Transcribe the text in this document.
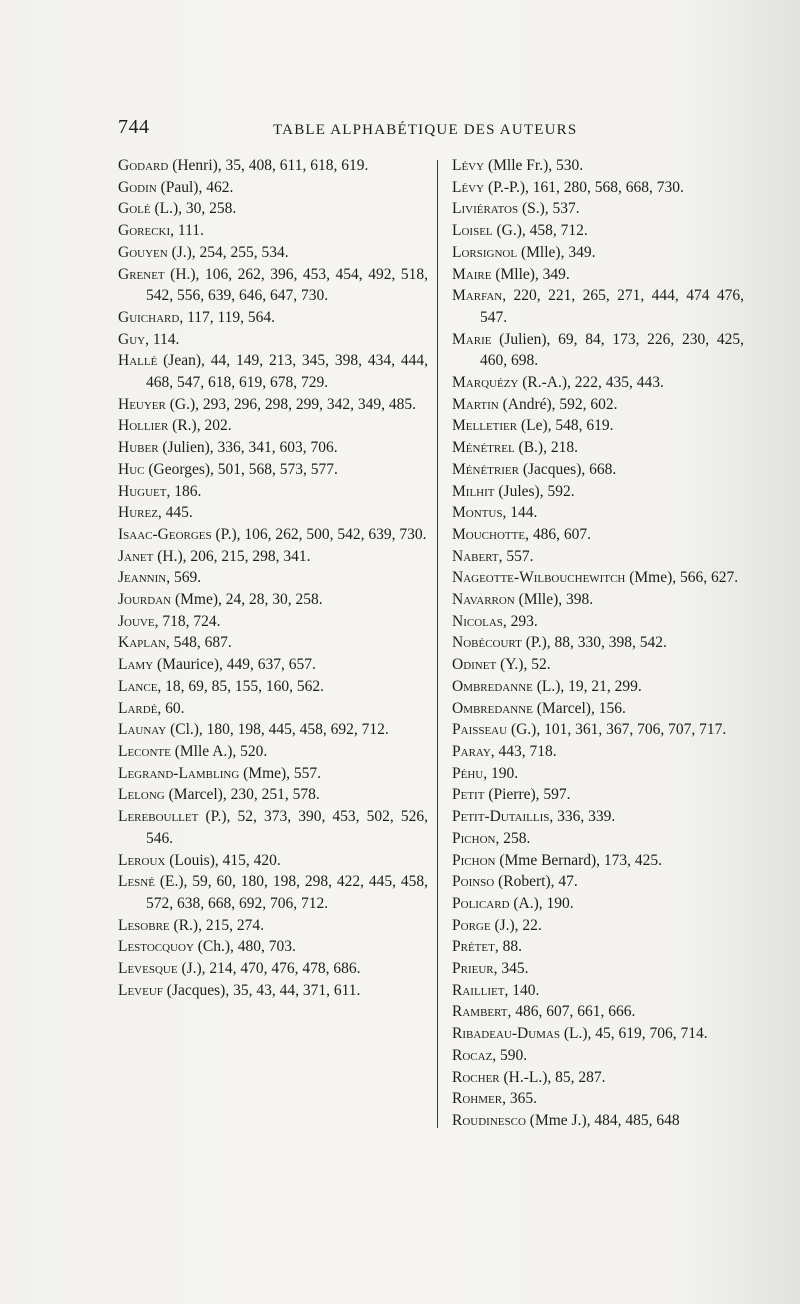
744	TABLE ALPHABÉTIQUE DES AUTEURS
Godard (Henri), 35, 408, 611, 618, 619.
Godin (Paul), 462.
Golé (L.), 30, 258.
Gorecki, 111.
Gouyen (J.), 254, 255, 534.
Grenet (H.), 106, 262, 396, 453, 454, 492, 518, 542, 556, 639, 646, 647, 730.
Guichard, 117, 119, 564.
Guy, 114.
Hallé (Jean), 44, 149, 213, 345, 398, 434, 444, 468, 547, 618, 619, 678, 729.
Heuyer (G.), 293, 296, 298, 299, 342, 349, 485.
Hollier (R.), 202.
Huber (Julien), 336, 341, 603, 706.
Huc (Georges), 501, 568, 573, 577.
Huguet, 186.
Hurez, 445.
Isaac-Georges (P.), 106, 262, 500, 542, 639, 730.
Janet (H.), 206, 215, 298, 341.
Jeannin, 569.
Jourdan (Mme), 24, 28, 30, 258.
Jouve, 718, 724.
Kaplan, 548, 687.
Lamy (Maurice), 449, 637, 657.
Lance, 18, 69, 85, 155, 160, 562.
Lardé, 60.
Launay (Cl.), 180, 198, 445, 458, 692, 712.
Leconte (Mlle A.), 520.
Legrand-Lambling (Mme), 557.
Lelong (Marcel), 230, 251, 578.
Lereboullet (P.), 52, 373, 390, 453, 502, 526, 546.
Leroux (Louis), 415, 420.
Lesné (E.), 59, 60, 180, 198, 298, 422, 445, 458, 572, 638, 668, 692, 706, 712.
Lesobre (R.), 215, 274.
Lestocquoy (Ch.), 480, 703.
Levesque (J.), 214, 470, 476, 478, 686.
Leveuf (Jacques), 35, 43, 44, 371, 611.
Lévy (Mlle Fr.), 530.
Lévy (P.-P.), 161, 280, 568, 668, 730.
Liviératos (S.), 537.
Loisel (G.), 458, 712.
Lorsignol (Mlle), 349.
Maire (Mlle), 349.
Marfan, 220, 221, 265, 271, 444, 474 476, 547.
Marie (Julien), 69, 84, 173, 226, 230, 425, 460, 698.
Marquézy (R.-A.), 222, 435, 443.
Martin (André), 592, 602.
Melletier (Le), 548, 619.
Ménétrel (B.), 218.
Ménétrier (Jacques), 668.
Milhit (Jules), 592.
Montus, 144.
Mouchotte, 486, 607.
Nabert, 557.
Nageotte-Wilbouchewitch (Mme), 566, 627.
Navarron (Mlle), 398.
Nicolas, 293.
Nobécourt (P.), 88, 330, 398, 542.
Odinet (Y.), 52.
Ombredanne (L.), 19, 21, 299.
Ombredanne (Marcel), 156.
Paisseau (G.), 101, 361, 367, 706, 707, 717.
Paray, 443, 718.
Péhu, 190.
Petit (Pierre), 597.
Petit-Dutaillis, 336, 339.
Pichon, 258.
Pichon (Mme Bernard), 173, 425.
Poinso (Robert), 47.
Policard (A.), 190.
Porge (J.), 22.
Prétet, 88.
Prieur, 345.
Railliet, 140.
Rambert, 486, 607, 661, 666.
Ribadeau-Dumas (L.), 45, 619, 706, 714.
Rocaz, 590.
Rocher (H.-L.), 85, 287.
Rohmer, 365.
Roudinesco (Mme J.), 484, 485, 648
